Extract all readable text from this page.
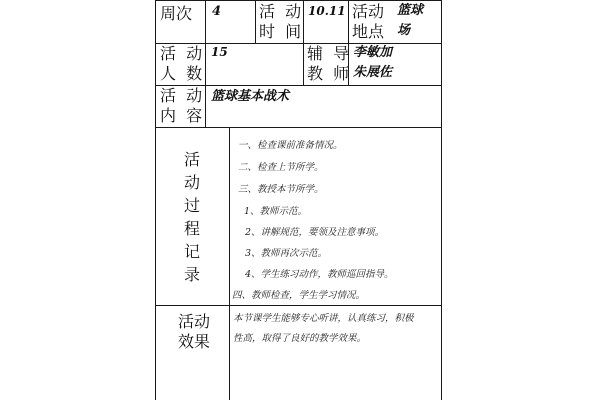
周次 4 活  动
时  间
10.11 活动
地点
篮球
场
活  动
人  数
15	辅  导
教  师
李敏加
朱展佐
活  动
内  容
篮球基本战术
活
动
过
程
记
录
一、检查课前准备情况。
二、检查上节所学。
三、教授本节所学。
1、教师示范。
2、讲解规范，要领及注意事项。
3、教师再次示范。
4、学生练习动作，教师巡回指导。
四、教师检查，学生学习情况。
活动
效果
本节课学生能够专心听讲，认真练习，积极
性高，取得了良好的教学效果。
